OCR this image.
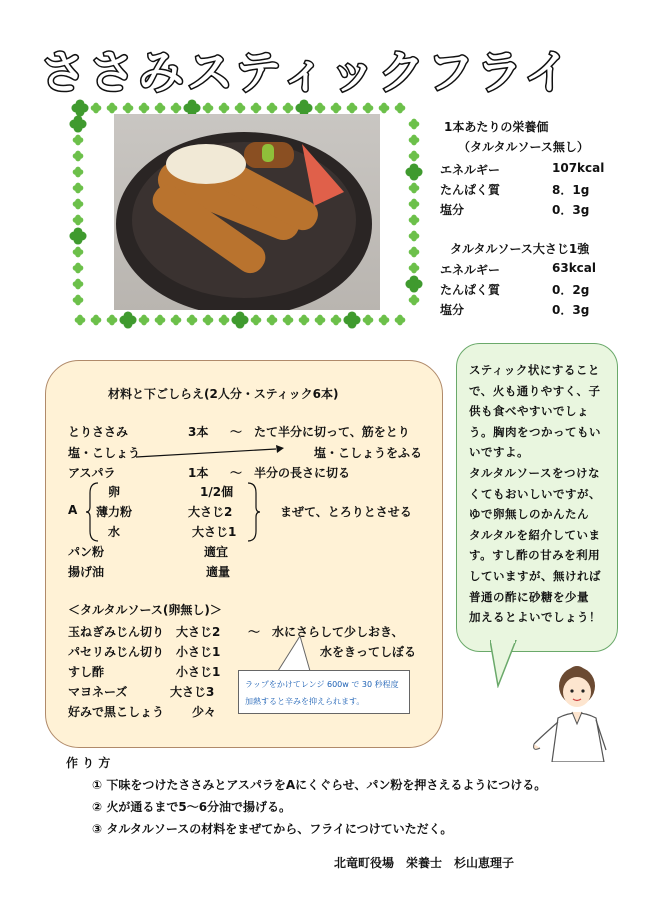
ささみスティックフライ
1本あたりの栄養価
（タルタルソース無し）
エネルギー	107kcal
たんぱく質	8．1g
塩分	0．3g
タルタルソース大さじ1強
エネルギー	63kcal
たんぱく質	0．2g
塩分	0．3g
材料と下ごしらえ(2人分・スティック6本)
とりささみ	3本 ～　たて半分に切って、筋をとり
塩・こしょう	塩・こしょうをふる
アスパラ	1本 ～　半分の長さに切る
A
卵	1/2個
薄力粉	大さじ2
水	大さじ1
まぜて、とろりとさせる
パン粉	適宜
揚げ油	適量
＜タルタルソース(卵無し)＞
玉ねぎみじん切り 大さじ2 ～　水にさらして少しおき、
パセリみじん切り 小さじ1	水をきってしぼる
すし酢	小さじ1
マヨネーズ	大さじ3
好みで黒こしょう 少々
ラップをかけてレンジ 600w で 30 秒程度
加熱すると辛みを抑えられます。
スティック状にすること
で、火も通りやすく、子
供も食べやすいでしょ
う。胸肉をつかってもい
いですよ。
タルタルソースをつけな
くてもおいしいですが、
ゆで卵無しのかんたん
タルタルを紹介していま
す。すし酢の甘みを利用
していますが、無ければ
普通の酢に砂糖を少量
加えるとよいでしょう！
作 り 方
① 下味をつけたささみとアスパラをAにくぐらせ、パン粉を押さえるようにつける。
② 火が通るまで5～6分油で揚げる。
③ タルタルソースの材料をまぜてから、フライにつけていただく。
北竜町役場　栄養士　杉山恵理子
